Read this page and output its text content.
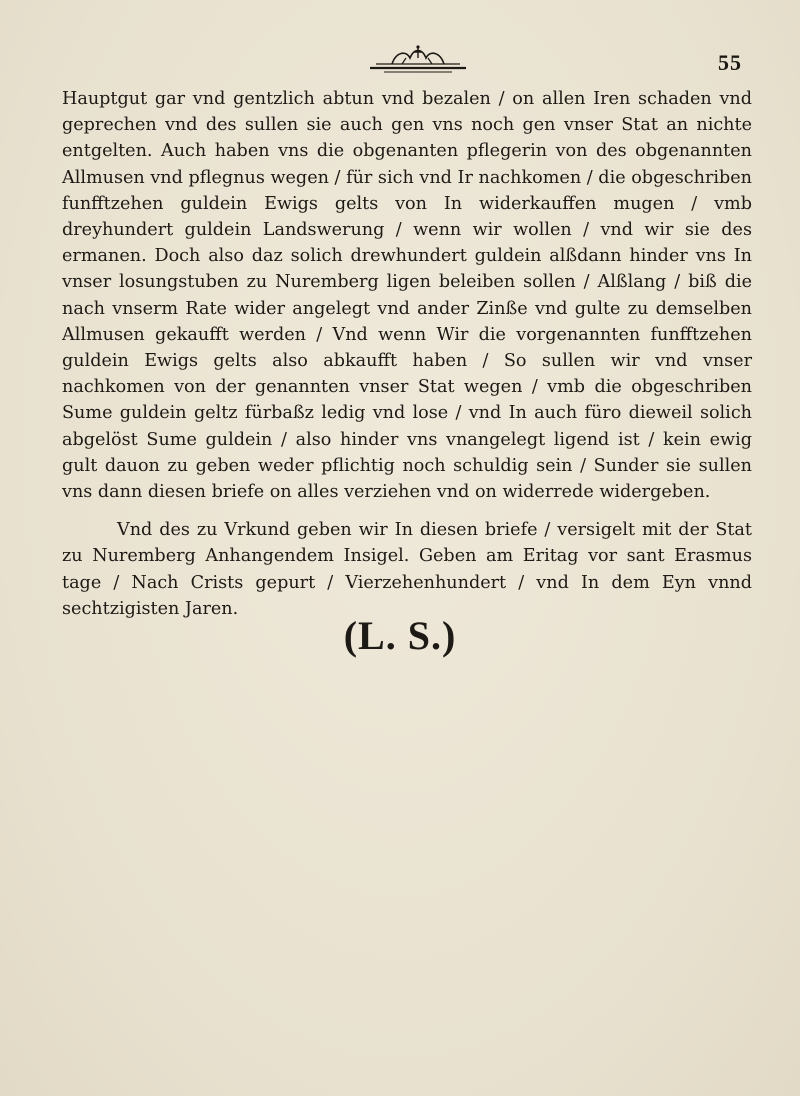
55

Hauptgut gar vnd gentzlich abtun vnd bezalen / on allen Iren schaden vnd geprechen vnd des sullen sie auch gen vns noch gen vnser Stat an nichte entgelten. Auch haben vns die obgenanten pflegerin von des obgenannten Allmusen vnd pflegnus wegen / für sich vnd Ir nachkomen / die obgeschriben funfftzehen guldein Ewigs gelts von In widerkauffen mugen / vmb dreyhundert guldein Landswerung / wenn wir wollen / vnd wir sie des ermanen. Doch also daz solich drewhundert guldein alßdann hinder vns In vnser losungstuben zu Nuremberg ligen beleiben sollen / Alßlang / biß die nach vnserm Rate wider angelegt vnd ander Zinße vnd gulte zu demselben Allmusen gekaufft werden / Vnd wenn Wir die vorgenannten funfftzehen guldein Ewigs gelts also abkaufft haben / So sullen wir vnd vnser nachkomen von der genannten vnser Stat wegen / vmb die obgeschriben Sume guldein geltz fürbaßz ledig vnd lose / vnd In auch füro dieweil solich abgelöst Sume guldein / also hinder vns vnangelegt ligend ist / kein ewig gult dauon zu geben weder pflichtig noch schuldig sein / Sunder sie sullen vns dann diesen briefe on alles verziehen vnd on widerrede widergeben.

Vnd des zu Vrkund geben wir In diesen briefe / versigelt mit der Stat zu Nuremberg Anhangendem Insigel. Geben am Eritag vor sant Erasmus tage / Nach Crists gepurt / Vierzehenhundert / vnd In dem Eyn vnnd sechtzigisten Jaren.

(L. S.)
